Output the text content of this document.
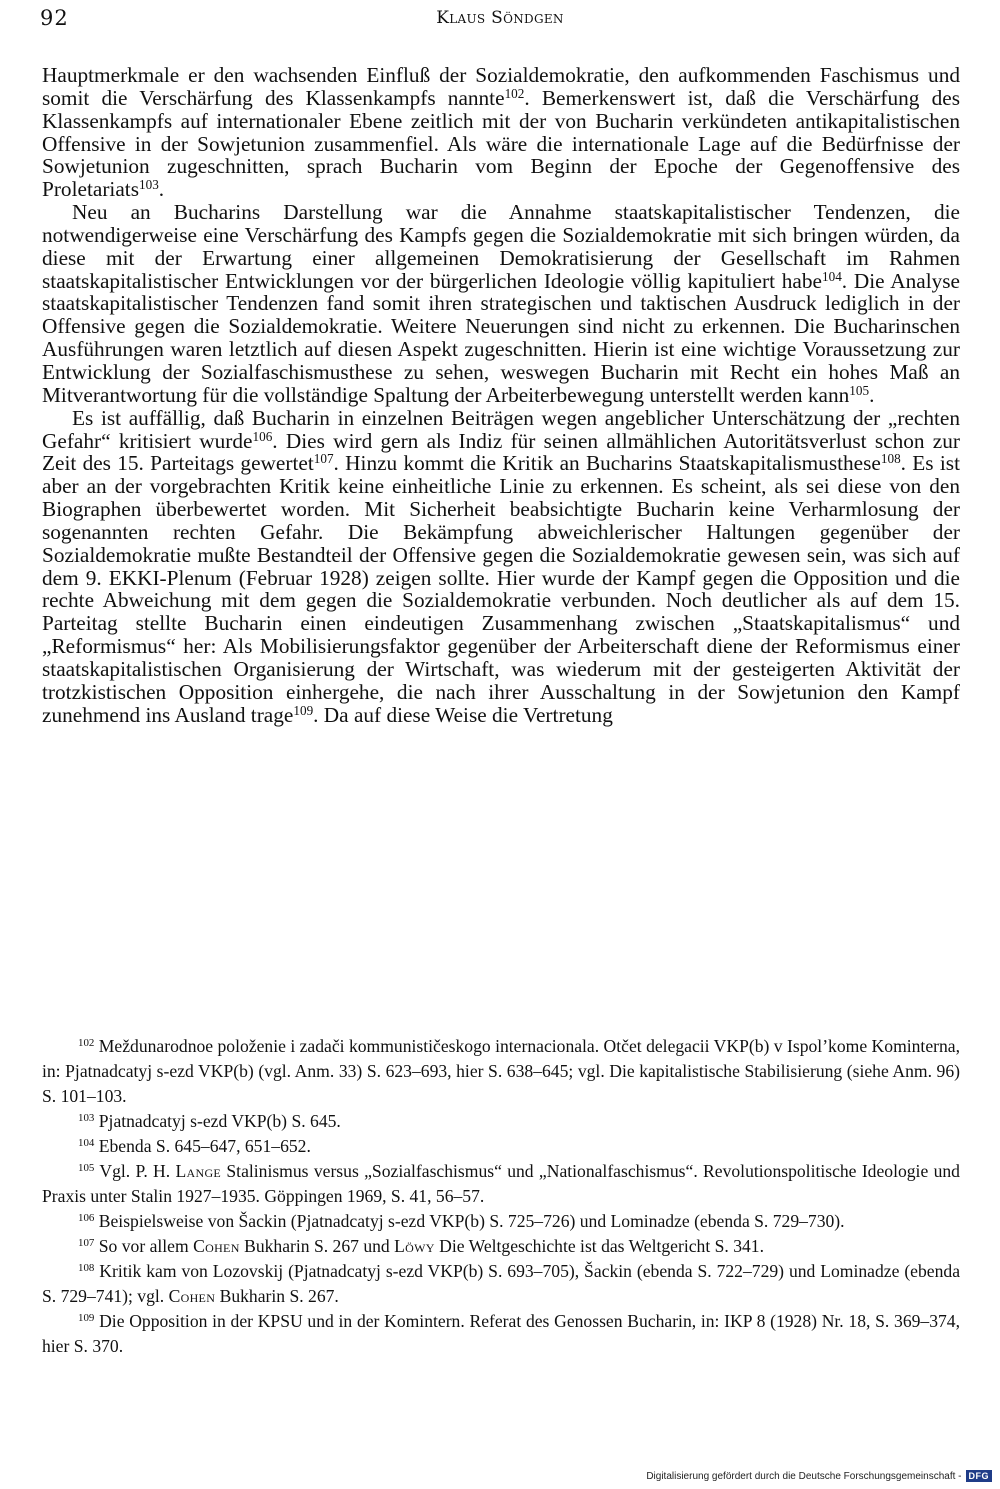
92	Klaus Söndgen

Hauptmerkmale er den wachsenden Einfluß der Sozialdemokratie, den aufkommenden Faschismus und somit die Verschärfung des Klassenkampfs nannte$^{102}$. Bemerkenswert ist, daß die Verschärfung des Klassenkampfs auf internationaler Ebene zeitlich mit der von Bucharin verkündeten antikapitalistischen Offensive in der Sowjetunion zusammenfiel. Als wäre die internationale Lage auf die Bedürfnisse der Sowjetunion zugeschnitten, sprach Bucharin vom Beginn der Epoche der Gegenoffensive des Proletariats$^{103}$.

Neu an Bucharins Darstellung war die Annahme staatskapitalistischer Tendenzen, die notwendigerweise eine Verschärfung des Kampfs gegen die Sozialdemokratie mit sich bringen würden, da diese mit der Erwartung einer allgemeinen Demokratisierung der Gesellschaft im Rahmen staatskapitalistischer Entwicklungen vor der bürgerlichen Ideologie völlig kapituliert habe$^{104}$. Die Analyse staatskapitalistischer Tendenzen fand somit ihren strategischen und taktischen Ausdruck lediglich in der Offensive gegen die Sozialdemokratie. Weitere Neuerungen sind nicht zu erkennen. Die Bucharinschen Ausführungen waren letztlich auf diesen Aspekt zugeschnitten. Hierin ist eine wichtige Voraussetzung zur Entwicklung der Sozialfaschismusthese zu sehen, weswegen Bucharin mit Recht ein hohes Maß an Mitverantwortung für die vollständige Spaltung der Arbeiterbewegung unterstellt werden kann$^{105}$.

Es ist auffällig, daß Bucharin in einzelnen Beiträgen wegen angeblicher Unterschätzung der „rechten Gefahr“ kritisiert wurde$^{106}$. Dies wird gern als Indiz für seinen allmählichen Autoritätsverlust schon zur Zeit des 15. Parteitags gewertet$^{107}$. Hinzu kommt die Kritik an Bucharins Staatskapitalismusthese$^{108}$. Es ist aber an der vorgebrachten Kritik keine einheitliche Linie zu erkennen. Es scheint, als sei diese von den Biographen überbewertet worden. Mit Sicherheit beabsichtigte Bucharin keine Verharmlosung der sogenannten rechten Gefahr. Die Bekämpfung abweichlerischer Haltungen gegenüber der Sozialdemokratie mußte Bestandteil der Offensive gegen die Sozialdemokratie gewesen sein, was sich auf dem 9. EKKI-Plenum (Februar 1928) zeigen sollte. Hier wurde der Kampf gegen die Opposition und die rechte Abweichung mit dem gegen die Sozialdemokratie verbunden. Noch deutlicher als auf dem 15. Parteitag stellte Bucharin einen eindeutigen Zusammenhang zwischen „Staatskapitalismus“ und „Reformismus“ her: Als Mobilisierungsfaktor gegenüber der Arbeiterschaft diene der Reformismus einer staatskapitalistischen Organisierung der Wirtschaft, was wiederum mit der gesteigerten Aktivität der trotzkistischen Opposition einhergehe, die nach ihrer Ausschaltung in der Sowjetunion den Kampf zunehmend ins Ausland trage$^{109}$. Da auf diese Weise die Vertretung

$^{102}$ Meždunarodnoe položenie i zadači kommunističeskogo internacionala. Otčet delegacii VKP(b) v Ispol’kome Kominterna, in: Pjatnadcatyj s-ezd VKP(b) (vgl. Anm. 33) S. 623–693, hier S. 638–645; vgl. Die kapitalistische Stabilisierung (siehe Anm. 96) S. 101–103.

$^{103}$ Pjatnadcatyj s-ezd VKP(b) S. 645.

$^{104}$ Ebenda S. 645–647, 651–652.

$^{105}$ Vgl. P. H. Lange Stalinismus versus „Sozialfaschismus“ und „Nationalfaschismus“. Revolutionspolitische Ideologie und Praxis unter Stalin 1927–1935. Göppingen 1969, S. 41, 56–57.

$^{106}$ Beispielsweise von Šackin (Pjatnadcatyj s-ezd VKP(b) S. 725–726) und Lominadze (ebenda S. 729–730).

$^{107}$ So vor allem Cohen Bukharin S. 267 und Löwy Die Weltgeschichte ist das Weltgericht S. 341.

$^{108}$ Kritik kam von Lozovskij (Pjatnadcatyj s-ezd VKP(b) S. 693–705), Šackin (ebenda S. 722–729) und Lominadze (ebenda S. 729–741); vgl. Cohen Bukharin S. 267.

$^{109}$ Die Opposition in der KPSU und in der Komintern. Referat des Genossen Bucharin, in: IKP 8 (1928) Nr. 18, S. 369–374, hier S. 370.

Digitalisierung gefördert durch die Deutsche Forschungsgemeinschaft - DFG
